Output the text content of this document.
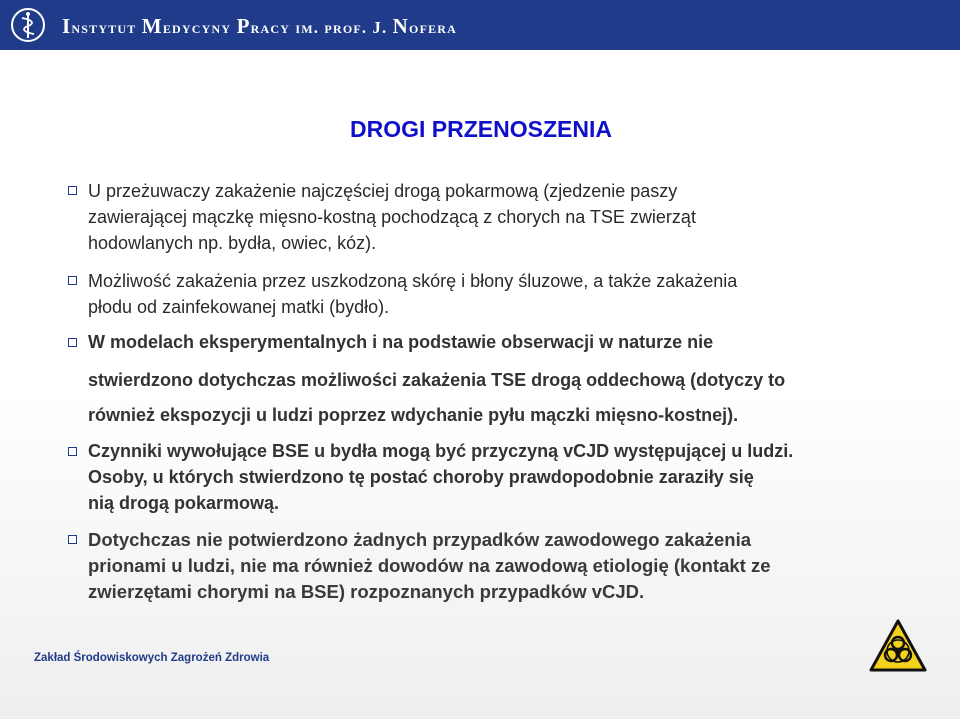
Instytut Medycyny Pracy im. prof. J. Nofera
DROGI PRZENOSZENIA
U przeżuwaczy zakażenie najczęściej drogą pokarmową (zjedzenie paszy
zawierającej mączkę mięsno-kostną pochodzącą z chorych na TSE zwierząt
hodowlanych np. bydła, owiec, kóz).
Możliwość zakażenia przez uszkodzoną skórę i błony śluzowe, a także zakażenia
płodu od zainfekowanej matki (bydło).
W modelach eksperymentalnych i na podstawie obserwacji w naturze nie
stwierdzono dotychczas możliwości zakażenia TSE drogą oddechową (dotyczy to
również ekspozycji u ludzi poprzez wdychanie pyłu mączki mięsno-kostnej).
Czynniki wywołujące BSE u bydła mogą być przyczyną vCJD występującej u ludzi.
Osoby, u których stwierdzono tę postać choroby prawdopodobnie zaraziły się
nią drogą pokarmową.
Dotychczas nie potwierdzono żadnych przypadków zawodowego zakażenia
prionami u ludzi, nie ma również dowodów na zawodową etiologię (kontakt ze
zwierzętami chorymi na BSE) rozpoznanych przypadków vCJD.
Zakład Środowiskowych Zagrożeń Zdrowia
